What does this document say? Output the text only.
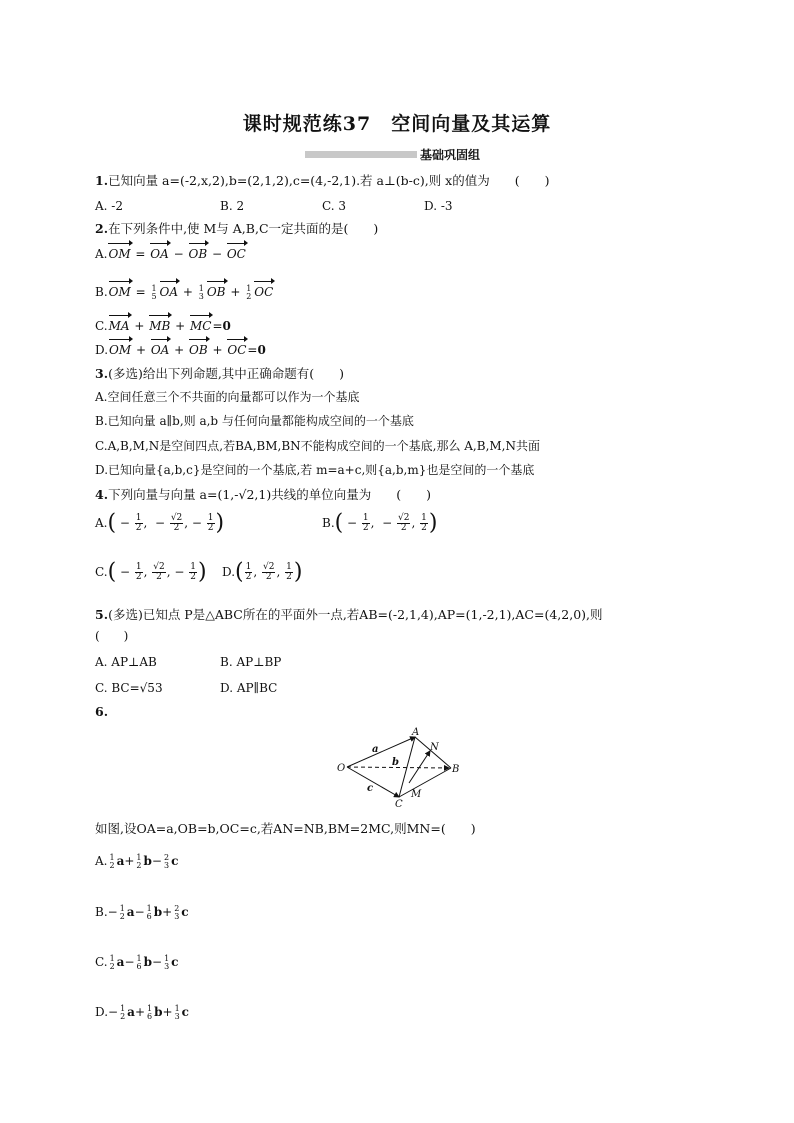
课时规范练37　空间向量及其运算
基础巩固组
1.已知向量 a=(-2,x,2),b=(2,1,2),c=(4,-2,1).若 a⊥(b-c),则 x的值为　　(　　)
A. -2	B. 2	C. 3	D. -3
2.在下列条件中,使 M与 A,B,C一定共面的是(　　)
A.OM = OA − OB − OC
B.OM = 1
5 OA + 1
3 OB + 1
2 OC
C.MA + MB + MC=0
D.OM + OA + OB + OC=0
3.(多选)给出下列命题,其中正确命题有(　　)
A.空间任意三个不共面的向量都可以作为一个基底
B.已知向量 a∥b,则 a,b 与任何向量都能构成空间的一个基底
C.A,B,M,N是空间四点,若BA,BM,BN不能构成空间的一个基底,那么 A,B,M,N共面
D.已知向量{a,b,c}是空间的一个基底,若 m=a+c,则{a,b,m}也是空间的一个基底
4.下列向量与向量 a=(1,-√2,1)共线的单位向量为　　(　　)
$A.( - \frac{1}{2}$ ,  − $\frac{√2}{2}$ , − $\frac{1}{2}$ )	$B.( - \frac{1}{2}$ ,  − $\frac{√2}{2}$ , $\frac{1}{2}$ )
$C.( - \frac{1}{2}$ , $\frac{√2}{2}$ , − $\frac{1}{2}$ ) $D.( \frac{1}{2}$ , $\frac{√2}{2}$ , $\frac{1}{2}$ )
5.(多选)已知点 P是△ABC所在的平面外一点,若AB=(-2,1,4),AP=(1,-2,1),AC=(4,2,0),则
(　　)
A. AP⊥AB	B. AP⊥BP
C. BC=√53	D. AP∥BC
6.
O
A
B
C
N
M
a
b
c
如图,设OA=a,OB=b,OC=c,若AN=NB,BM=2MC,则MN=(　　)
A. 1
2 a+ 1
2 b− 2
3 c
B.− 1
2 a− 1
6 b+ 2
3 c
C. 1
2 a− 1
6 b− 1
3 c
D.− 1
2 a+ 1
6 b+ 1
3 c
